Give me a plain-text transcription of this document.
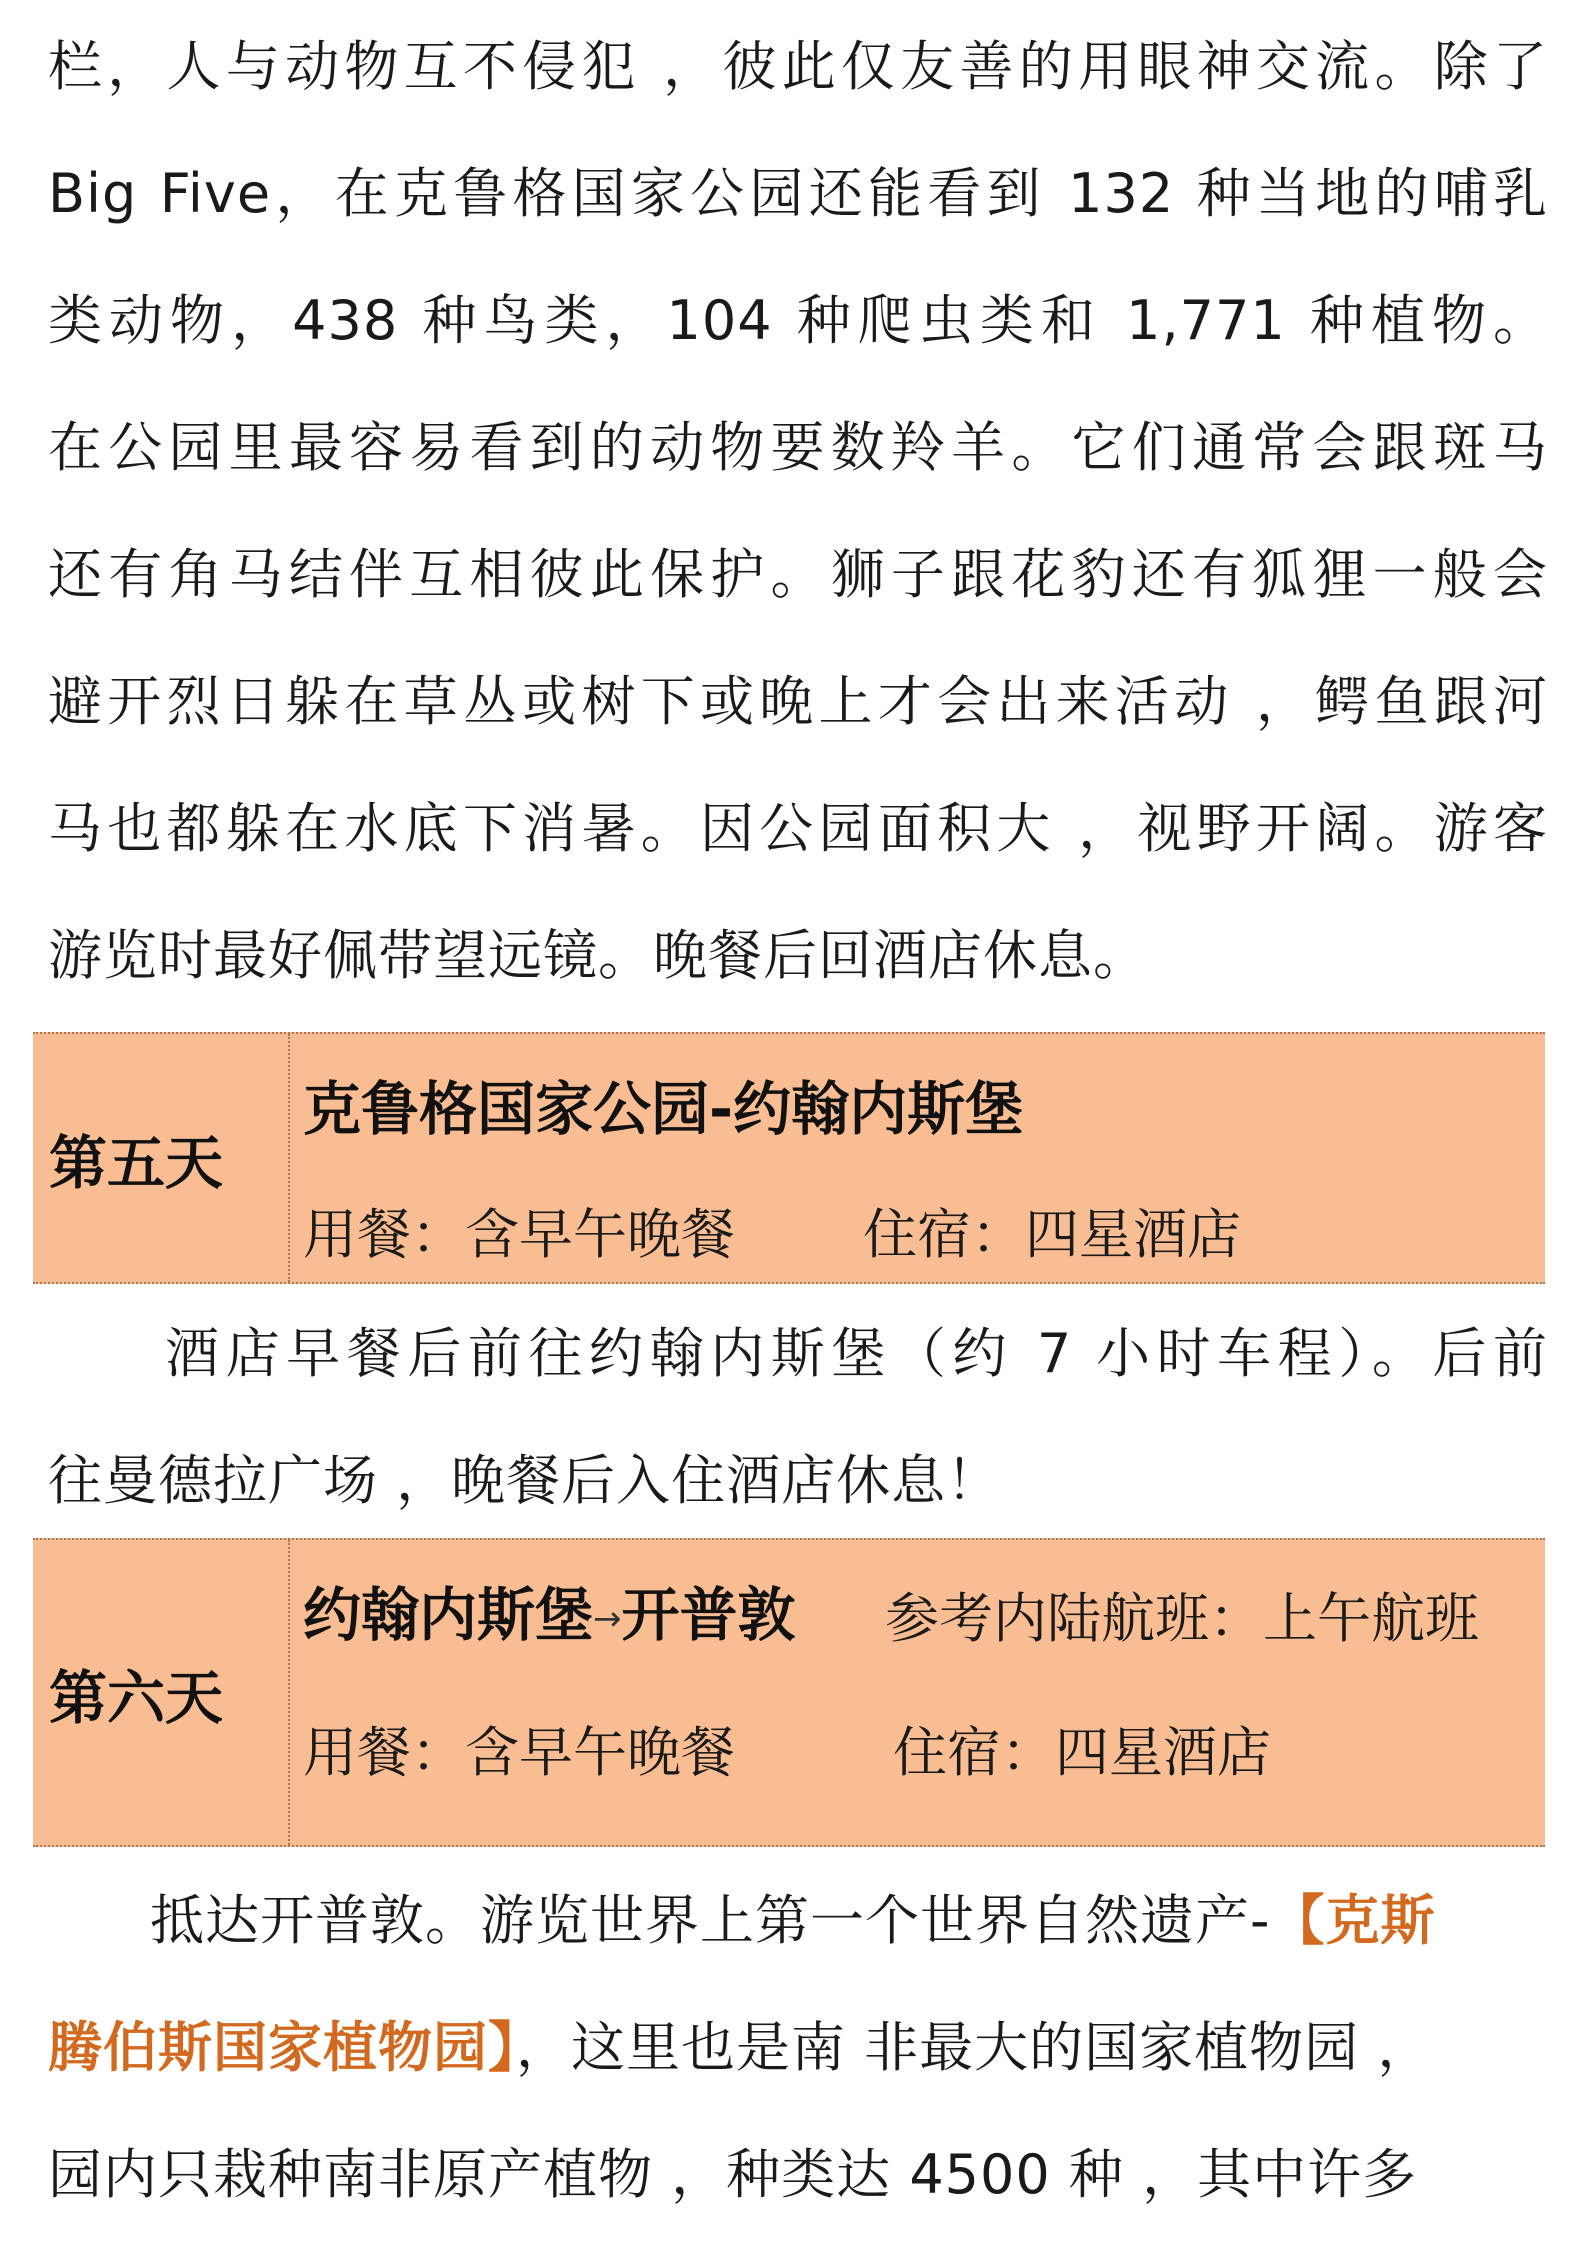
栏，人与动物互不侵犯 ，彼此仅友善的用眼神交流。除了
Big Five，在克鲁格国家公园还能看到 132 种当地的哺乳
类动物，438 种鸟类，104 种爬虫类和 1,771 种植物。
在公园里最容易看到的动物要数羚羊。它们通常会跟斑马
还有角马结伴互相彼此保护。狮子跟花豹还有狐狸一般会
避开烈日躲在草丛或树下或晚上才会出来活动 ，鳄鱼跟河
马也都躲在水底下消暑。因公园面积大 ，视野开阔。游客
游览时最好佩带望远镜。晚餐后回酒店休息。
第五天
克鲁格国家公园-约翰内斯堡
用餐：含早午晚餐 住宿：四星酒店
酒店早餐后前往约翰内斯堡（约 7 小时车程）。后前
往曼德拉广场 ，晚餐后入住酒店休息！
第六天
约翰内斯堡→开普敦 参考内陆航班：上午航班
用餐：含早午晚餐	住宿：四星酒店
抵达开普敦。游览世界上第一个世界自然遗产-【克斯
腾伯斯国家植物园】，这里也是南 非最大的国家植物园 ，
园内只栽种南非原产植物 ，种类达 4500 种 ，其中许多
